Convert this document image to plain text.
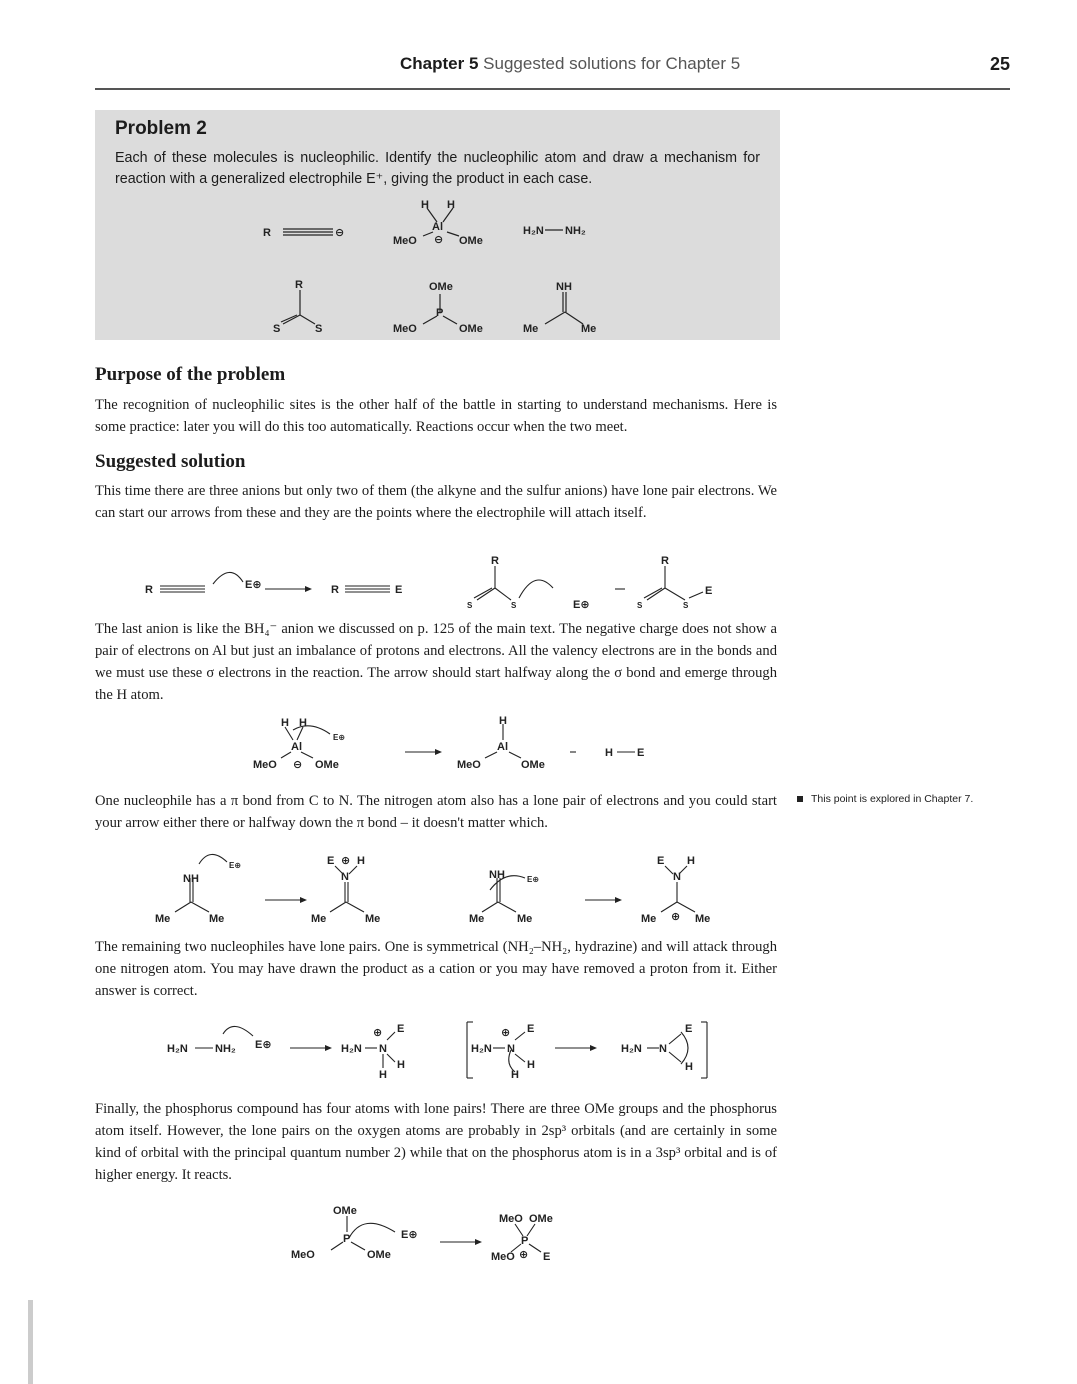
Chapter 5 Suggested solutions for Chapter 5	25
R	⊖
H H
Al
MeO ⊖ OMe
H₂N NH₂
R
S	S
OMe
P
MeO	OMe
NH
Me	Me
Problem 2

Each of these molecules is nucleophilic. Identify the nucleophilic atom and draw a mechanism for reaction with a generalized electrophile E⁺, giving the product in each case.

Purpose of the problem

The recognition of nucleophilic sites is the other half of the battle in starting to understand mechanisms. Here is some practice: later you will do this too automatically. Reactions occur when the two meet.

Suggested solution

This time there are three anions but only two of them (the alkyne and the sulfur anions) have lone pair electrons. We can start our arrows from these and they are the points where the electrophile will attach itself.

R	E⊕	R	E
R
S	S	E⊕
R
S	S
E

The last anion is like the BH₄⁻ anion we discussed on p. 125 of the main text. The negative charge does not show a pair of electrons on Al but just an imbalance of protons and electrons. All the valency electrons are in the bonds and we must use these σ electrons in the reaction. The arrow should start halfway along the σ bond and emerge through the H atom.

H H
E⊕
Al
MeO ⊖ OMe
H
Al
MeO	OMe
H E

One nucleophile has a π bond from C to N. The nitrogen atom also has a lone pair of electrons and you could start your arrow either there or halfway down the π bond – it doesn't matter which.

This point is explored in Chapter 7.
NH
E⊕
Me	Me
E ⊕ H
N
Me	Me
NH	E⊕
Me	Me
E H
N
Me ⊕ Me

The remaining two nucleophiles have lone pairs. One is symmetrical (NH₂–NH₂, hydrazine) and will attack through one nitrogen atom. You may have drawn the product as a cation or you may have removed a proton from it. Either answer is correct.

H₂N NH₂ E⊕	H₂N N
⊕ E
H
H
H₂N N
⊕ E
H
H
H₂N N
E
H

Finally, the phosphorus compound has four atoms with lone pairs! There are three OMe groups and the phosphorus atom itself. However, the lone pairs on the oxygen atoms are probably in 2sp³ orbitals (and are certainly in some kind of orbital with the principal quantum number 2) while that on the phosphorus atom is in a 3sp³ orbital and is of higher energy. It reacts.

OMe
P
MeO	OMe
E⊕
MeO OMe
P
MeO ⊕ E
